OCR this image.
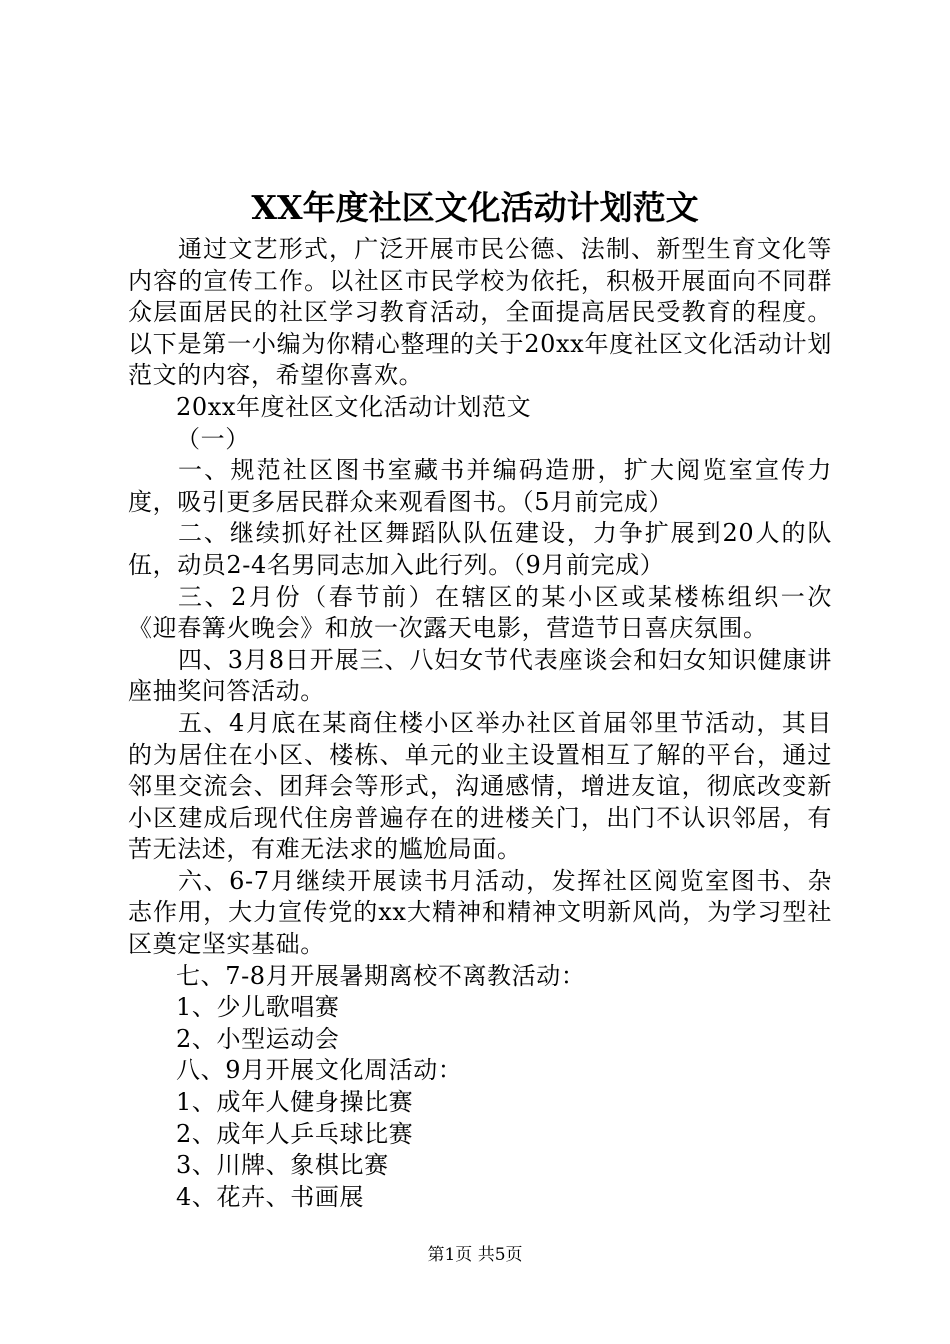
XX年度社区文化活动计划范文

通过文艺形式，广泛开展市民公德、法制、新型生育文化等内容的宣传工作。以社区市民学校为依托，积极开展面向不同群众层面居民的社区学习教育活动，全面提高居民受教育的程度。以下是第一小编为你精心整理的关于20xx年度社区文化活动计划范文的内容，希望你喜欢。

20xx年度社区文化活动计划范文

（一）

一、规范社区图书室藏书并编码造册，扩大阅览室宣传力度，吸引更多居民群众来观看图书。（5月前完成）

二、继续抓好社区舞蹈队队伍建设，力争扩展到20人的队伍，动员2-4名男同志加入此行列。（9月前完成）

三、2月份（春节前）在辖区的某小区或某楼栋组织一次《迎春篝火晚会》和放一次露天电影，营造节日喜庆氛围。

四、3月8日开展三、八妇女节代表座谈会和妇女知识健康讲座抽奖问答活动。

五、4月底在某商住楼小区举办社区首届邻里节活动，其目的为居住在小区、楼栋、单元的业主设置相互了解的平台，通过邻里交流会、团拜会等形式，沟通感情，增进友谊，彻底改变新小区建成后现代住房普遍存在的进楼关门，出门不认识邻居，有苦无法述，有难无法求的尴尬局面。

六、6-7月继续开展读书月活动，发挥社区阅览室图书、杂志作用，大力宣传党的xx大精神和精神文明新风尚，为学习型社区奠定坚实基础。

七、7-8月开展暑期离校不离教活动：

1、少儿歌唱赛

2、小型运动会

八、9月开展文化周活动：

1、成年人健身操比赛

2、成年人乒乓球比赛

3、川牌、象棋比赛

4、花卉、书画展

第1页 共5页
